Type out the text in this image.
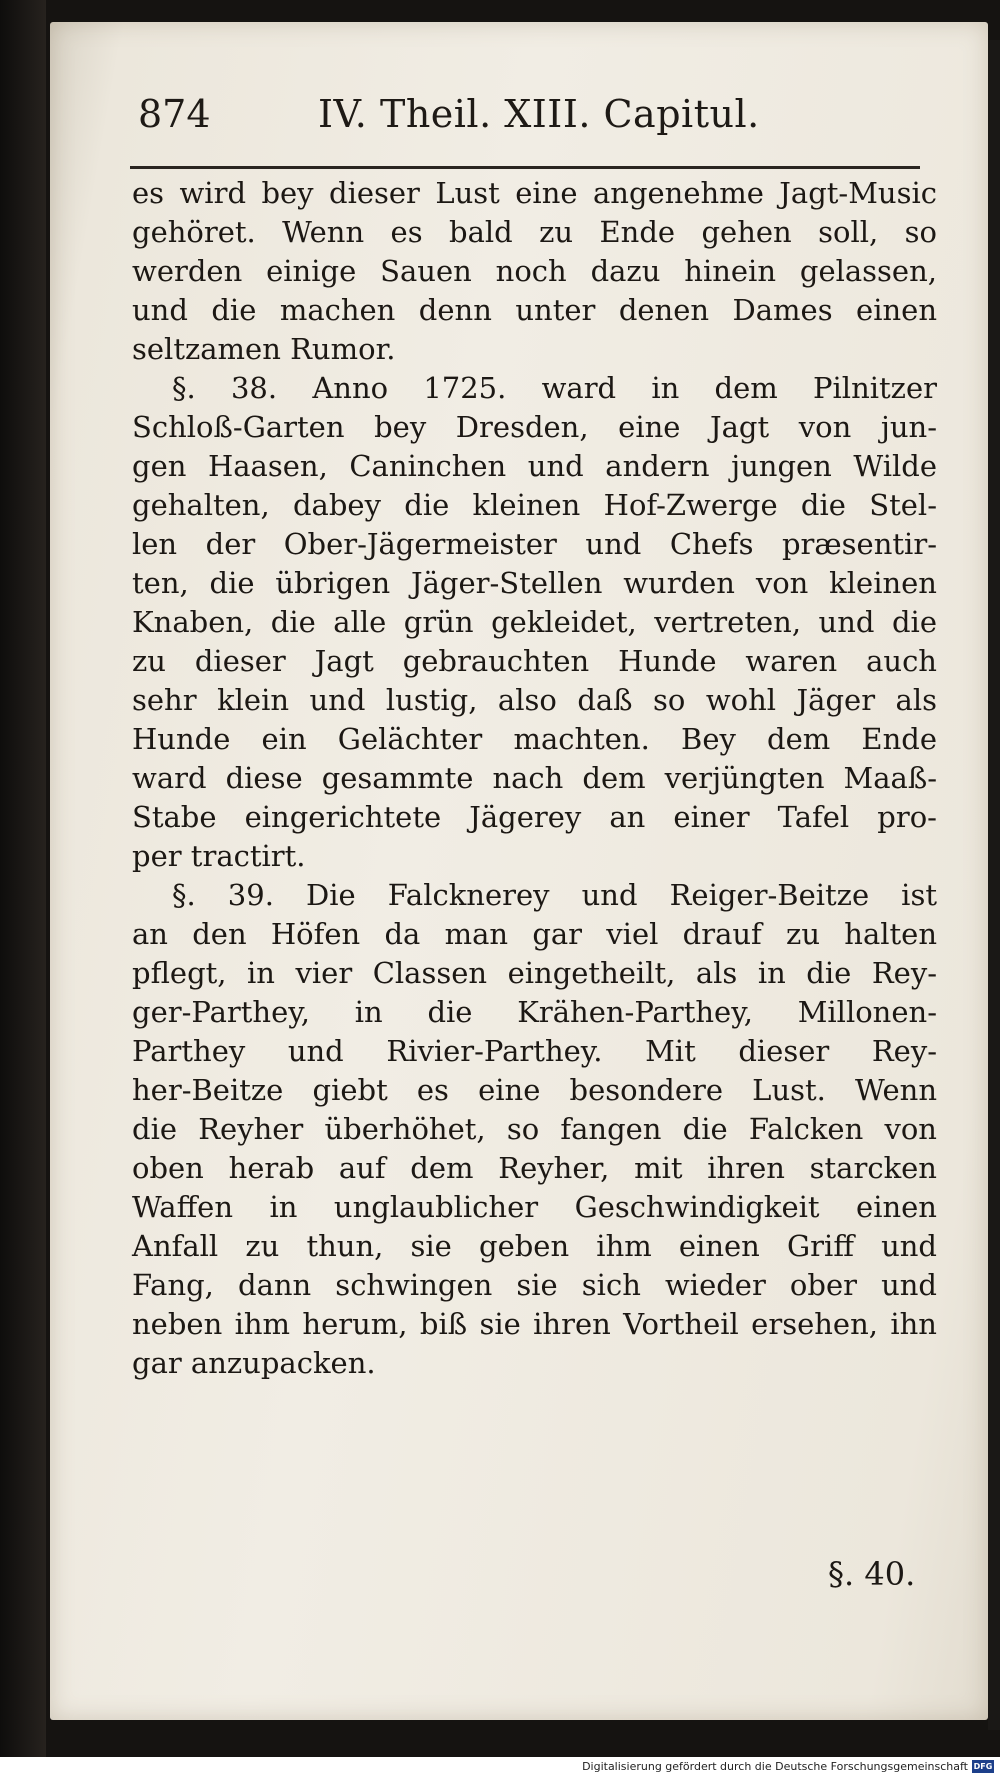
874	IV. Theil. XIII. Capitul.
es wird bey dieser Lust eine angenehme Jagt-Music
gehöret. Wenn es bald zu Ende gehen soll, so
werden einige Sauen noch dazu hinein gelassen,
und die machen denn unter denen Dames einen
seltzamen Rumor.
§. 38. Anno 1725. ward in dem Pilnitzer
Schloß-Garten bey Dresden, eine Jagt von jun-
gen Haasen, Caninchen und andern jungen Wilde
gehalten, dabey die kleinen Hof-Zwerge die Stel-
len der Ober-Jägermeister und Chefs præsentir-
ten, die übrigen Jäger-Stellen wurden von kleinen
Knaben, die alle grün gekleidet, vertreten, und die
zu dieser Jagt gebrauchten Hunde waren auch
sehr klein und lustig, also daß so wohl Jäger als
Hunde ein Gelächter machten. Bey dem Ende
ward diese gesammte nach dem verjüngten Maaß-
Stabe eingerichtete Jägerey an einer Tafel pro-
per tractirt.
§. 39. Die Falcknerey und Reiger-Beitze ist
an den Höfen da man gar viel drauf zu halten
pflegt, in vier Classen eingetheilt, als in die Rey-
ger-Parthey, in die Krähen-Parthey, Millonen-
Parthey und Rivier-Parthey. Mit dieser Rey-
her-Beitze giebt es eine besondere Lust. Wenn
die Reyher überhöhet, so fangen die Falcken von
oben herab auf dem Reyher, mit ihren starcken
Waffen in unglaublicher Geschwindigkeit einen
Anfall zu thun, sie geben ihm einen Griff und
Fang, dann schwingen sie sich wieder ober und
neben ihm herum, biß sie ihren Vortheil ersehen, ihn
gar anzupacken.
§. 40.
Digitalisierung gefördert durch die Deutsche Forschungsgemeinschaft DFG
